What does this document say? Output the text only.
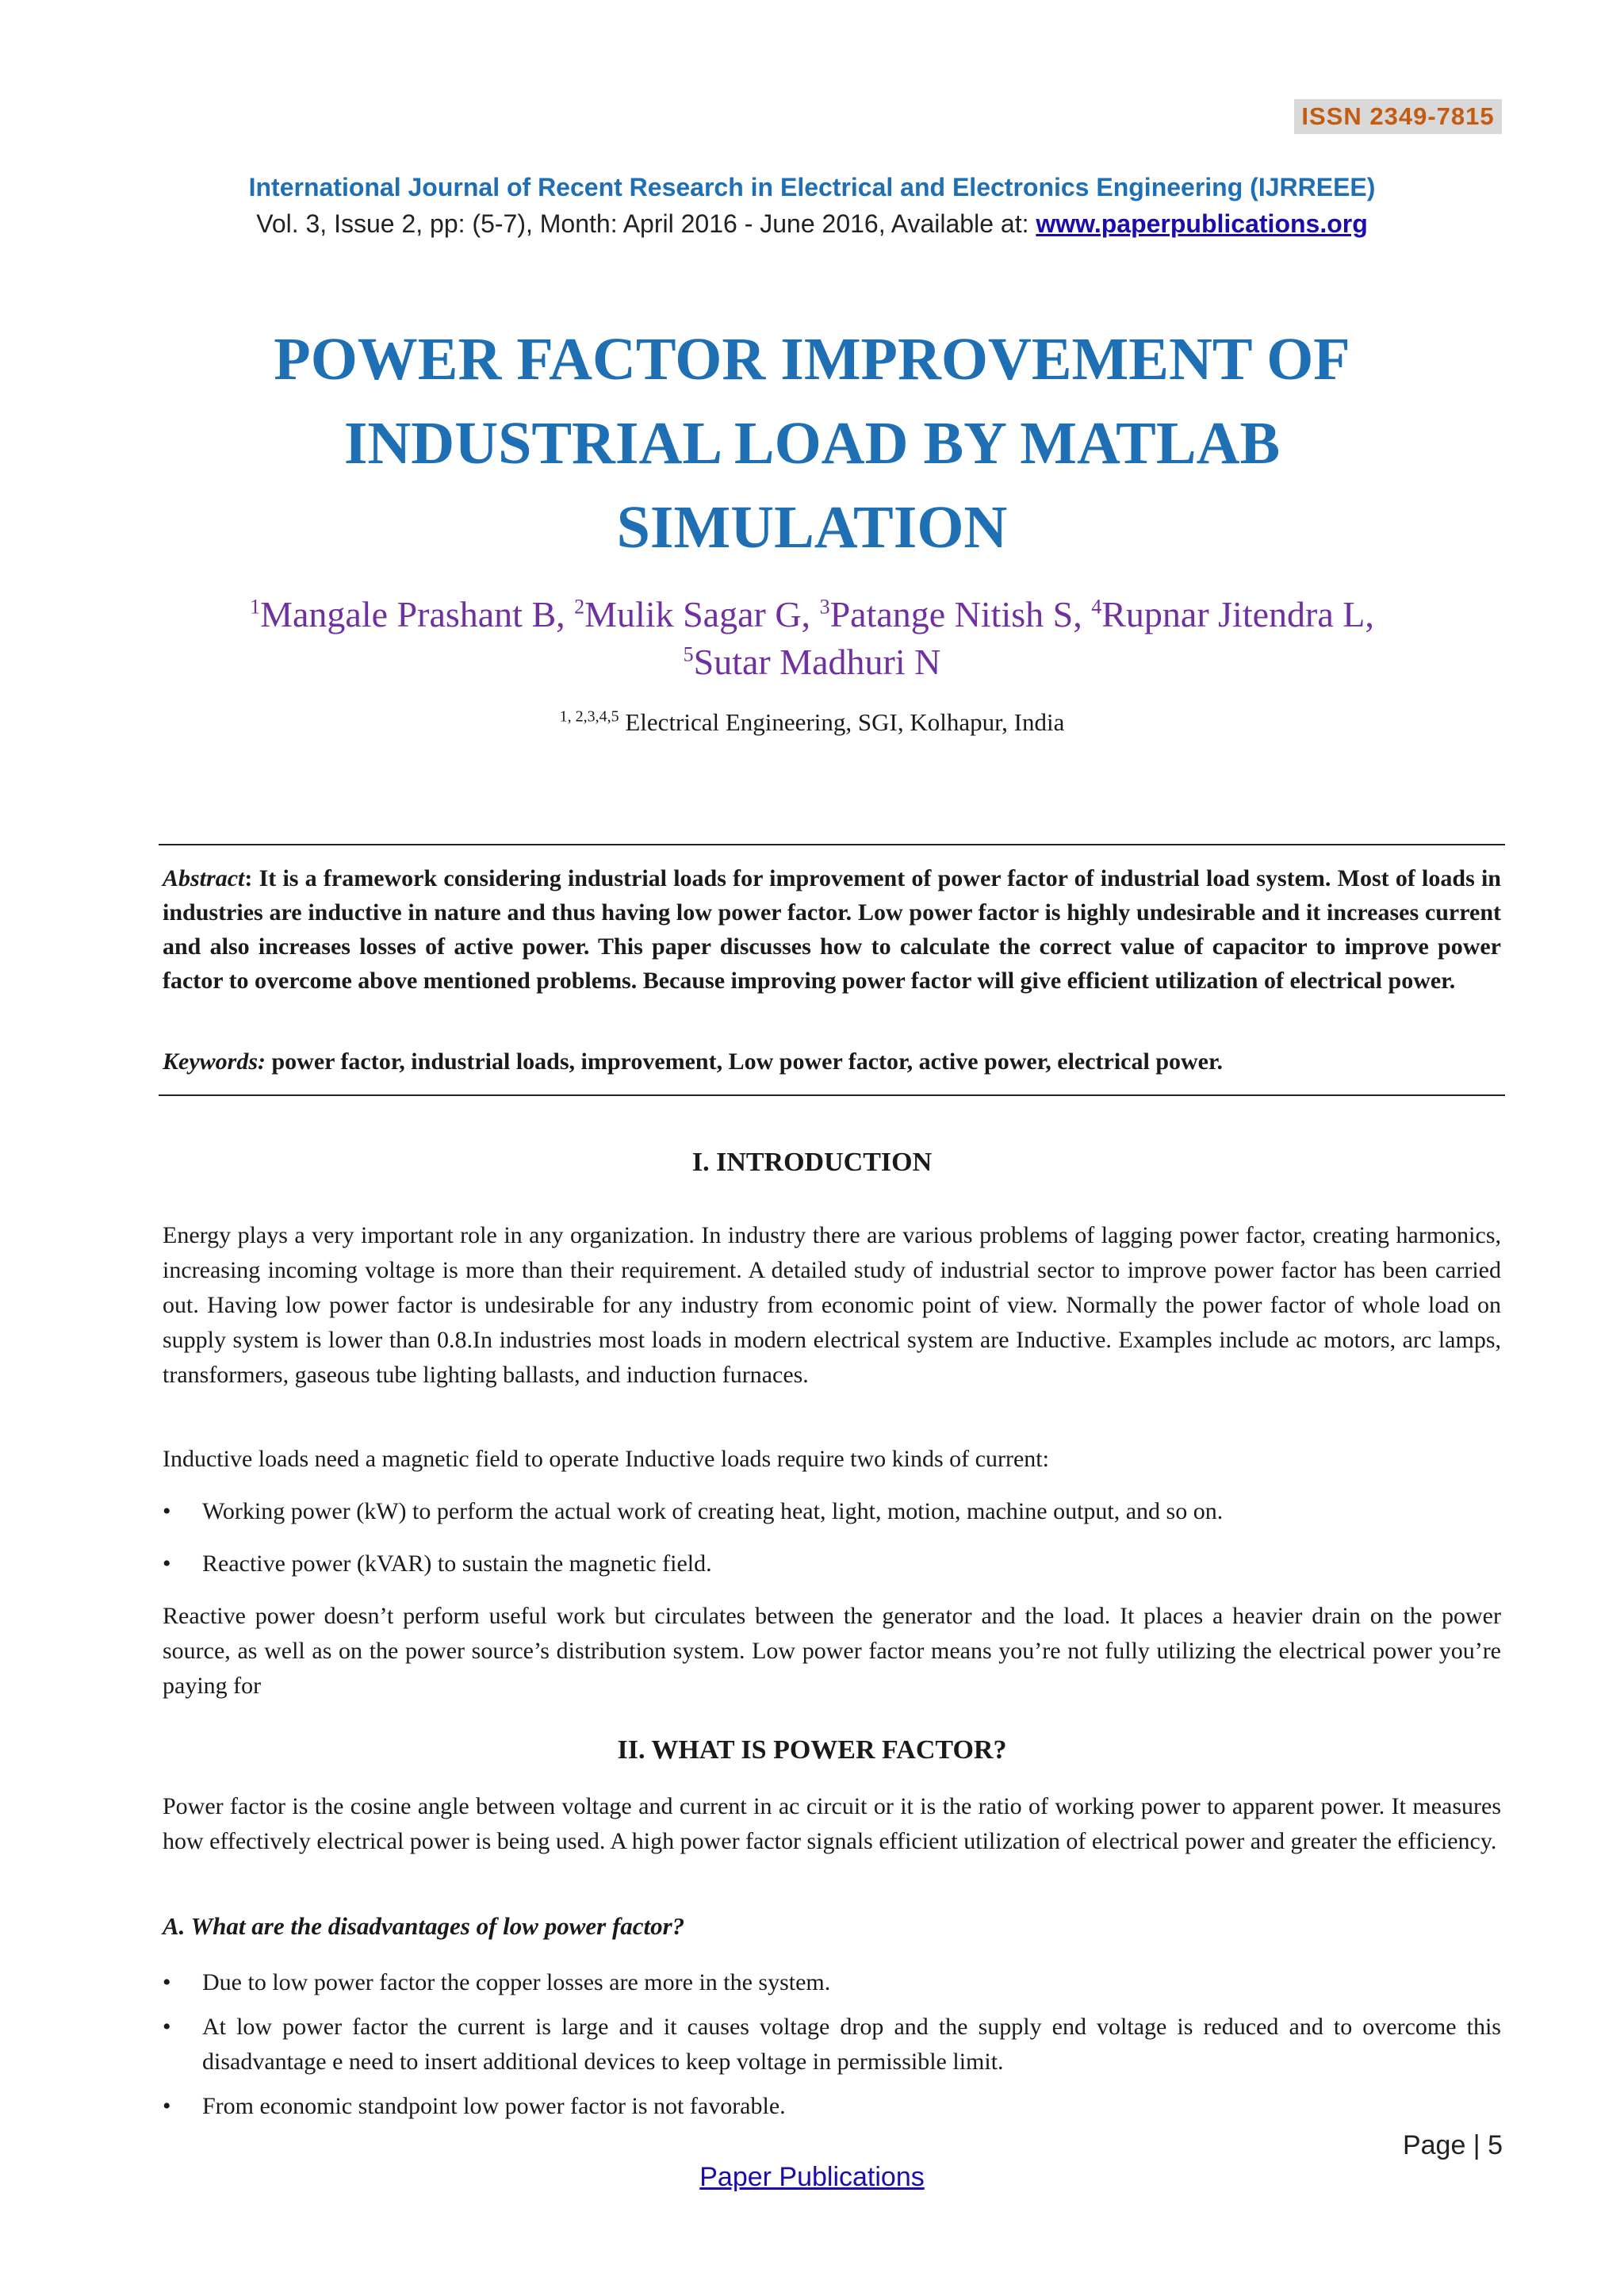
ISSN 2349-7815
International Journal of Recent Research in Electrical and Electronics Engineering (IJRREEE)
Vol. 3, Issue 2, pp: (5-7), Month: April 2016 - June 2016, Available at: www.paperpublications.org
POWER FACTOR IMPROVEMENT OF
INDUSTRIAL LOAD BY MATLAB
SIMULATION
$^1$Mangale Prashant B, $^2$Mulik Sagar G, $^3$Patange Nitish S, $^4$Rupnar Jitendra L,
$^5$Sutar Madhuri N
$^{1, 2,3,4,5}$ Electrical Engineering, SGI, Kolhapur, India
Abstract: It is a framework considering industrial loads for improvement of power factor of industrial load system. Most of loads in industries are inductive in nature and thus having low power factor. Low power factor is highly undesirable and it increases current and also increases losses of active power. This paper discusses how to calculate the correct value of capacitor to improve power factor to overcome above mentioned problems. Because improving power factor will give efficient utilization of electrical power.
Keywords: power factor, industrial loads, improvement, Low power factor, active power, electrical power.
I. INTRODUCTION

Energy plays a very important role in any organization. In industry there are various problems of lagging power factor, creating harmonics, increasing incoming voltage is more than their requirement. A detailed study of industrial sector to improve power factor has been carried out. Having low power factor is undesirable for any industry from economic point of view. Normally the power factor of whole load on supply system is lower than 0.8.In industries most loads in modern electrical system are Inductive. Examples include ac motors, arc lamps, transformers, gaseous tube lighting ballasts, and induction furnaces.

Inductive loads need a magnetic field to operate Inductive loads require two kinds of current:

• Working power (kW) to perform the actual work of creating heat, light, motion, machine output, and so on.
• Reactive power (kVAR) to sustain the magnetic field.

Reactive power doesn’t perform useful work but circulates between the generator and the load. It places a heavier drain on the power source, as well as on the power source’s distribution system. Low power factor means you’re not fully utilizing the electrical power you’re paying for

II. WHAT IS POWER FACTOR?

Power factor is the cosine angle between voltage and current in ac circuit or it is the ratio of working power to apparent power. It measures how effectively electrical power is being used. A high power factor signals efficient utilization of electrical power and greater the efficiency.

A. What are the disadvantages of low power factor?
• Due to low power factor the copper losses are more in the system.
• At low power factor the current is large and it causes voltage drop and the supply end voltage is reduced and to overcome this disadvantage e need to insert additional devices to keep voltage in permissible limit.
• From economic standpoint low power factor is not favorable.
Page | 5
Paper Publications
